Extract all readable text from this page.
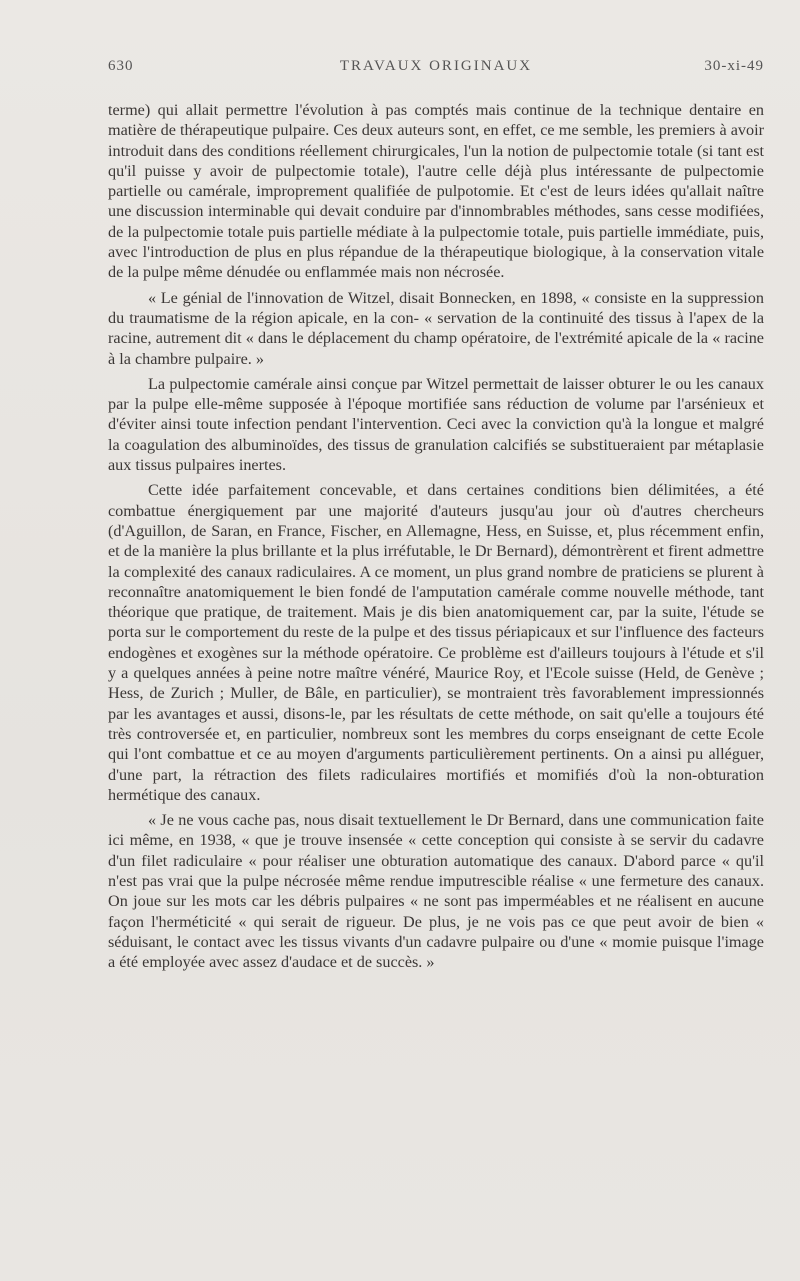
630	TRAVAUX ORIGINAUX	30-xi-49

terme) qui allait permettre l'évolution à pas comptés mais continue de la technique dentaire en matière de thérapeutique pulpaire. Ces deux auteurs sont, en effet, ce me semble, les premiers à avoir introduit dans des conditions réellement chirurgicales, l'un la notion de pulpectomie totale (si tant est qu'il puisse y avoir de pulpectomie totale), l'autre celle déjà plus intéressante de pulpectomie partielle ou camérale, improprement qualifiée de pulpotomie. Et c'est de leurs idées qu'allait naître une discussion interminable qui devait conduire par d'innombrables méthodes, sans cesse modifiées, de la pulpectomie totale puis partielle médiate à la pulpectomie totale, puis partielle immédiate, puis, avec l'introduction de plus en plus répandue de la thérapeutique biologique, à la conservation vitale de la pulpe même dénudée ou enflammée mais non nécrosée.

« Le génial de l'innovation de Witzel, disait Bonnecken, en 1898, « consiste en la suppression du traumatisme de la région apicale, en la con- « servation de la continuité des tissus à l'apex de la racine, autrement dit « dans le déplacement du champ opératoire, de l'extrémité apicale de la « racine à la chambre pulpaire. »

La pulpectomie camérale ainsi conçue par Witzel permettait de laisser obturer le ou les canaux par la pulpe elle-même supposée à l'époque mortifiée sans réduction de volume par l'arsénieux et d'éviter ainsi toute infection pendant l'intervention. Ceci avec la conviction qu'à la longue et malgré la coagulation des albuminoïdes, des tissus de granulation calcifiés se substitueraient par métaplasie aux tissus pulpaires inertes.

Cette idée parfaitement concevable, et dans certaines conditions bien délimitées, a été combattue énergiquement par une majorité d'auteurs jusqu'au jour où d'autres chercheurs (d'Aguillon, de Saran, en France, Fischer, en Allemagne, Hess, en Suisse, et, plus récemment enfin, et de la manière la plus brillante et la plus irréfutable, le Dr Bernard), démontrèrent et firent admettre la complexité des canaux radiculaires. A ce moment, un plus grand nombre de praticiens se plurent à reconnaître anatomiquement le bien fondé de l'amputation camérale comme nouvelle méthode, tant théorique que pratique, de traitement. Mais je dis bien anatomiquement car, par la suite, l'étude se porta sur le comportement du reste de la pulpe et des tissus périapicaux et sur l'influence des facteurs endogènes et exogènes sur la méthode opératoire. Ce problème est d'ailleurs toujours à l'étude et s'il y a quelques années à peine notre maître vénéré, Maurice Roy, et l'Ecole suisse (Held, de Genève ; Hess, de Zurich ; Muller, de Bâle, en particulier), se montraient très favorablement impressionnés par les avantages et aussi, disons-le, par les résultats de cette méthode, on sait qu'elle a toujours été très controversée et, en particulier, nombreux sont les membres du corps enseignant de cette Ecole qui l'ont combattue et ce au moyen d'arguments particulièrement pertinents. On a ainsi pu alléguer, d'une part, la rétraction des filets radiculaires mortifiés et momifiés d'où la non-obturation hermétique des canaux.

« Je ne vous cache pas, nous disait textuellement le Dr Bernard, dans une communication faite ici même, en 1938, « que je trouve insensée « cette conception qui consiste à se servir du cadavre d'un filet radiculaire « pour réaliser une obturation automatique des canaux. D'abord parce « qu'il n'est pas vrai que la pulpe nécrosée même rendue imputrescible réalise « une fermeture des canaux. On joue sur les mots car les débris pulpaires « ne sont pas imperméables et ne réalisent en aucune façon l'herméticité « qui serait de rigueur. De plus, je ne vois pas ce que peut avoir de bien « séduisant, le contact avec les tissus vivants d'un cadavre pulpaire ou d'une « momie puisque l'image a été employée avec assez d'audace et de succès. »
